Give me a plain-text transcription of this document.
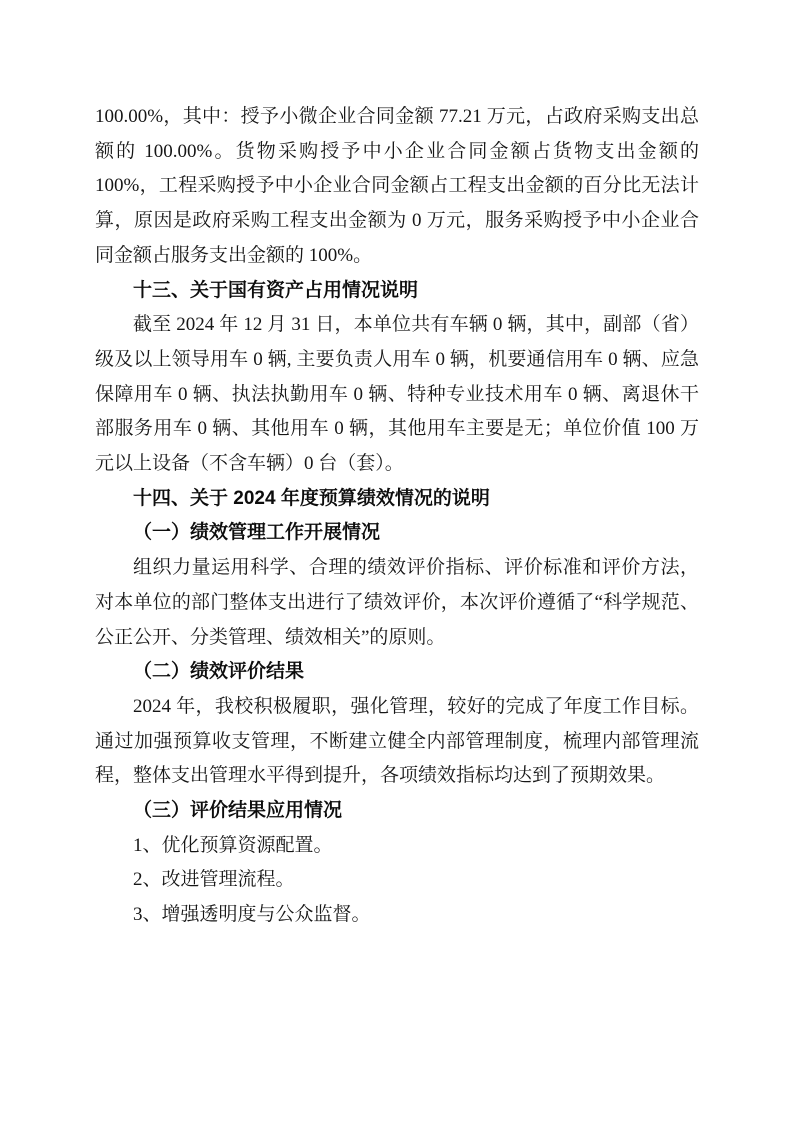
100.00%，其中：授予小微企业合同金额 77.21 万元，占政府采购支出总额的 100.00%。货物采购授予中小企业合同金额占货物支出金额的 100%，工程采购授予中小企业合同金额占工程支出金额的百分比无法计算，原因是政府采购工程支出金额为 0 万元，服务采购授予中小企业合同金额占服务支出金额的 100%。
十三、关于国有资产占用情况说明
截至 2024 年 12 月 31 日，本单位共有车辆 0 辆，其中，副部（省）级及以上领导用车 0 辆, 主要负责人用车 0 辆，机要通信用车 0 辆、应急保障用车 0 辆、执法执勤用车 0 辆、特种专业技术用车 0 辆、离退休干部服务用车 0 辆、其他用车 0 辆，其他用车主要是无；单位价值 100 万元以上设备（不含车辆）0 台（套）。
十四、关于 2024 年度预算绩效情况的说明
（一）绩效管理工作开展情况
组织力量运用科学、合理的绩效评价指标、评价标准和评价方法，对本单位的部门整体支出进行了绩效评价，本次评价遵循了“科学规范、公正公开、分类管理、绩效相关”的原则。
（二）绩效评价结果
2024 年，我校积极履职，强化管理，较好的完成了年度工作目标。通过加强预算收支管理，不断建立健全内部管理制度，梳理内部管理流程，整体支出管理水平得到提升，各项绩效指标均达到了预期效果。
（三）评价结果应用情况
1、优化预算资源配置。
2、改进管理流程。
3、增强透明度与公众监督。
